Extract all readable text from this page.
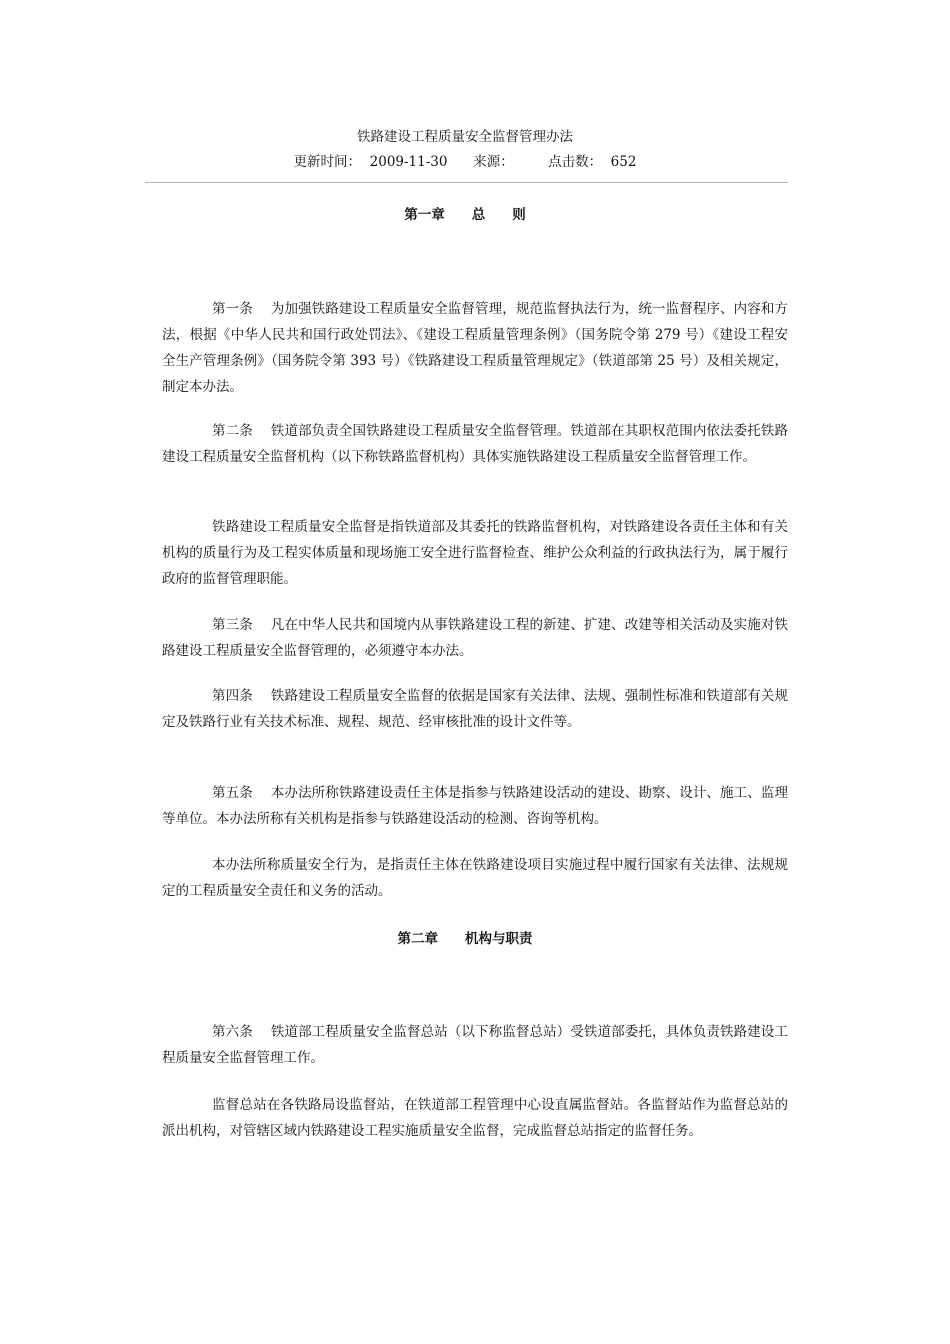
铁路建设工程质量安全监督管理办法
更新时间： 2009-11-30 来源：	点击数： 652
第一章　　总　　则

第一条　 为加强铁路建设工程质量安全监督管理，规范监督执法行为，统一监督程序、内容和方法，根据《中华人民共和国行政处罚法》、《建设工程质量管理条例》（国务院令第 279 号）《建设工程安全生产管理条例》（国务院令第 393 号）《铁路建设工程质量管理规定》（铁道部第 25 号）及相关规定，制定本办法。

第二条　 铁道部负责全国铁路建设工程质量安全监督管理。铁道部在其职权范围内依法委托铁路建设工程质量安全监督机构（以下称铁路监督机构）具体实施铁路建设工程质量安全监督管理工作。

铁路建设工程质量安全监督是指铁道部及其委托的铁路监督机构，对铁路建设各责任主体和有关机构的质量行为及工程实体质量和现场施工安全进行监督检查、维护公众利益的行政执法行为，属于履行政府的监督管理职能。

第三条　 凡在中华人民共和国境内从事铁路建设工程的新建、扩建、改建等相关活动及实施对铁路建设工程质量安全监督管理的，必须遵守本办法。

第四条　 铁路建设工程质量安全监督的依据是国家有关法律、法规、强制性标准和铁道部有关规定及铁路行业有关技术标准、规程、规范、经审核批准的设计文件等。

第五条　 本办法所称铁路建设责任主体是指参与铁路建设活动的建设、勘察、设计、施工、监理等单位。本办法所称有关机构是指参与铁路建设活动的检测、咨询等机构。

本办法所称质量安全行为，是指责任主体在铁路建设项目实施过程中履行国家有关法律、法规规定的工程质量安全责任和义务的活动。

第二章　　机构与职责

第六条　 铁道部工程质量安全监督总站（以下称监督总站）受铁道部委托，具体负责铁路建设工程质量安全监督管理工作。

监督总站在各铁路局设监督站，在铁道部工程管理中心设直属监督站。各监督站作为监督总站的派出机构，对管辖区域内铁路建设工程实施质量安全监督，完成监督总站指定的监督任务。
